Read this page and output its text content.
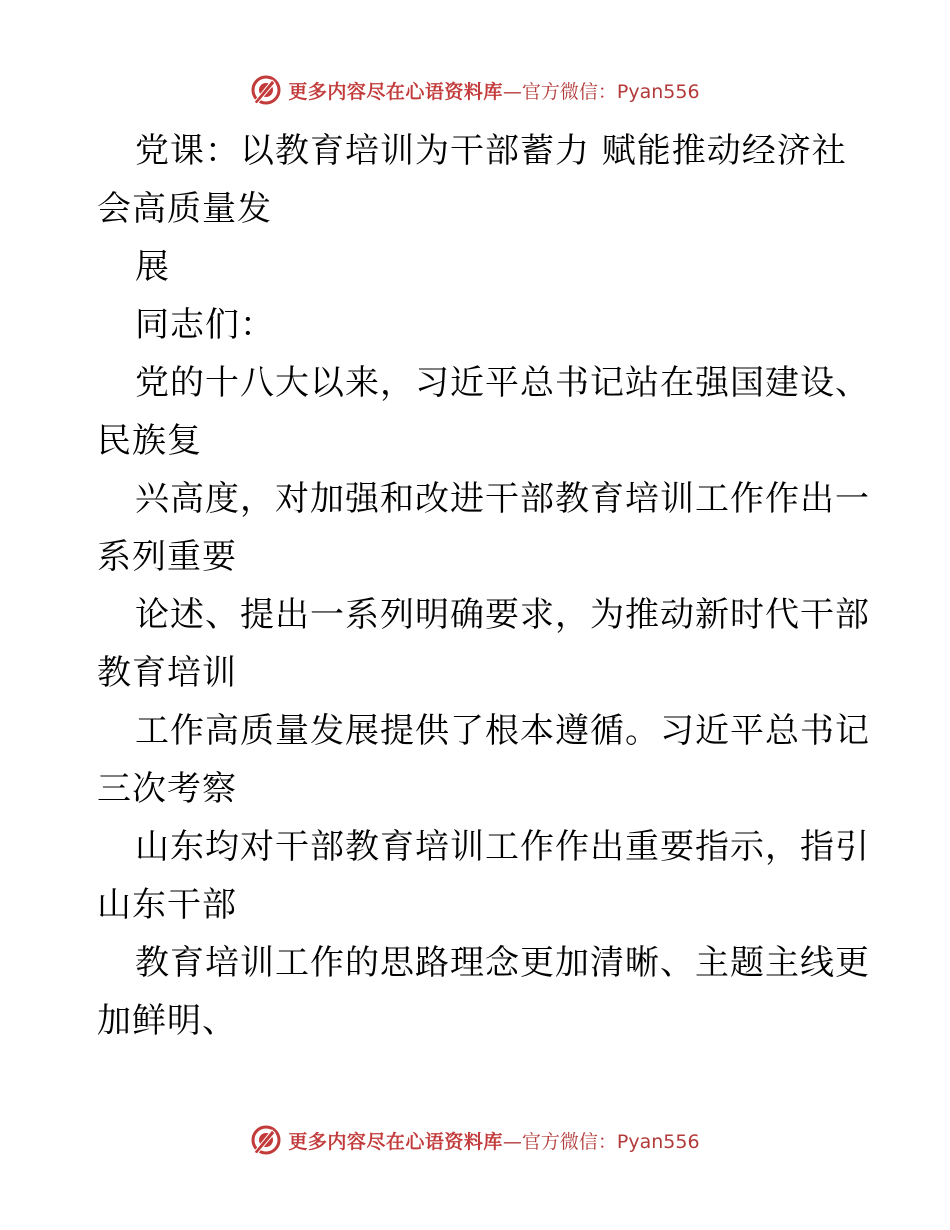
更多内容尽在心语资料库 —官方微信：Pyan556
党课：以教育培训为干部蓄力 赋能推动经济社
会高质量发
展
同志们：
党的十八大以来，习近平总书记站在强国建设、
民族复
兴高度，对加强和改进干部教育培训工作作出一
系列重要
论述、提出一系列明确要求，为推动新时代干部
教育培训
工作高质量发展提供了根本遵循。习近平总书记
三次考察
山东均对干部教育培训工作作出重要指示，指引
山东干部
教育培训工作的思路理念更加清晰、主题主线更
加鲜明、
更多内容尽在心语资料库 —官方微信：Pyan556
